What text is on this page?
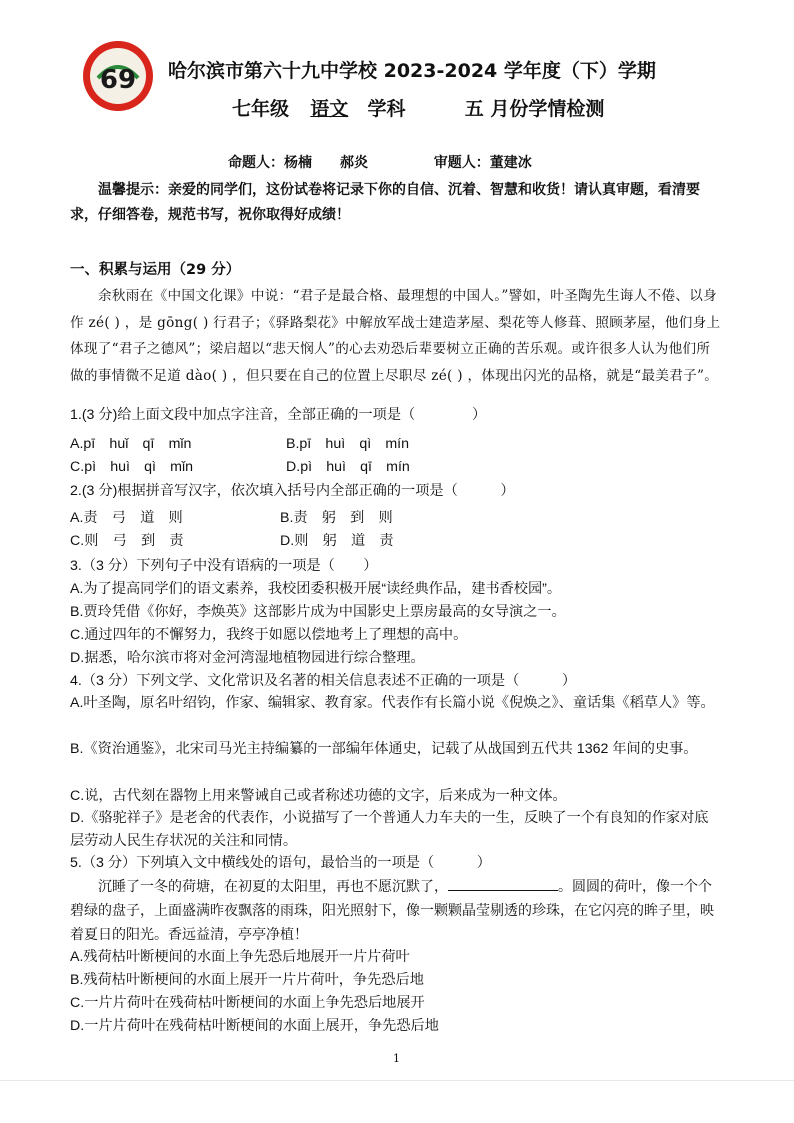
69 哈尔滨市第六十九中学校 2023-2024 学年度（下）学期
七年级 语文 学科	五 月份学情检测
命题人：杨楠　　郝炎	审题人：董建冰
温馨提示：亲爱的同学们，这份试卷将记录下你的自信、沉着、智慧和收货！请认真审题，看清要求，仔细答卷，规范书写，祝你取得好成绩！
一、积累与运用（29 分）
余秋雨在《中国文化课》中说：“君子是最合格、最理想的中国人。”譬如，叶圣陶先生诲人不倦、以身作 zé( ) ，是 gōng( ) 行君子；《驿路梨花》中解放军战士建造茅屋、梨花等人修葺、照顾茅屋，他们身上体现了“君子之德风”；梁启超以“悲天悯人”的心去劝恐后辈要树立正确的苦乐观。或许很多人认为他们所做的事情微不足道 dào( ) ，但只要在自己的位置上尽职尽 zé( ) ，体现出闪光的品格，就是“最美君子”。
1.(3 分)给上面文段中加点字注音，全部正确的一项是（　　　　）
A.pī　huǐ　qī　mǐn	B.pī　huì　qì　mín
C.pì　huì　qì　mǐn	D.pì　huì　qī　mín
2.(3 分)根据拼音写汉字，依次填入括号内全部正确的一项是（　　　）
A.责　弓　道　则	B.责　躬　到　则
C.则　弓　到　责	D.则　躬　道　责
3.（3 分）下列句子中没有语病的一项是（　　）
A.为了提高同学们的语文素养，我校团委积极开展“读经典作品，建书香校园”。
B.贾玲凭借《你好，李焕英》这部影片成为中国影史上票房最高的女导演之一。
C.通过四年的不懈努力，我终于如愿以偿地考上了理想的高中。
D.据悉，哈尔滨市将对金河湾湿地植物园进行综合整理。
4.（3 分）下列文学、文化常识及名著的相关信息表述不正确的一项是（　　　）
A.叶圣陶，原名叶绍钧，作家、编辑家、教育家。代表作有长篇小说《倪焕之》、童话集《稻草人》等。
B.《资治通鉴》，北宋司马光主持编纂的一部编年体通史，记载了从战国到五代共 1362 年间的史事。
C.说，古代刻在器物上用来警诫自己或者称述功德的文字，后来成为一种文体。
D.《骆驼祥子》是老舍的代表作，小说描写了一个普通人力车夫的一生，反映了一个有良知的作家对底层劳动人民生存状况的关注和同情。
5.（3 分）下列填入文中横线处的语句，最恰当的一项是（　　　）
沉睡了一冬的荷塘，在初夏的太阳里，再也不愿沉默了，	。圆圆的荷叶，像一个个碧绿的盘子，上面盛满昨夜飘落的雨珠，阳光照射下，像一颗颗晶莹剔透的珍珠，在它闪亮的眸子里，映着夏日的阳光。香远益清，亭亭净植！
A.残荷枯叶断梗间的水面上争先恐后地展开一片片荷叶
B.残荷枯叶断梗间的水面上展开一片片荷叶，争先恐后地
C.一片片荷叶在残荷枯叶断梗间的水面上争先恐后地展开
D.一片片荷叶在残荷枯叶断梗间的水面上展开，争先恐后地
1
